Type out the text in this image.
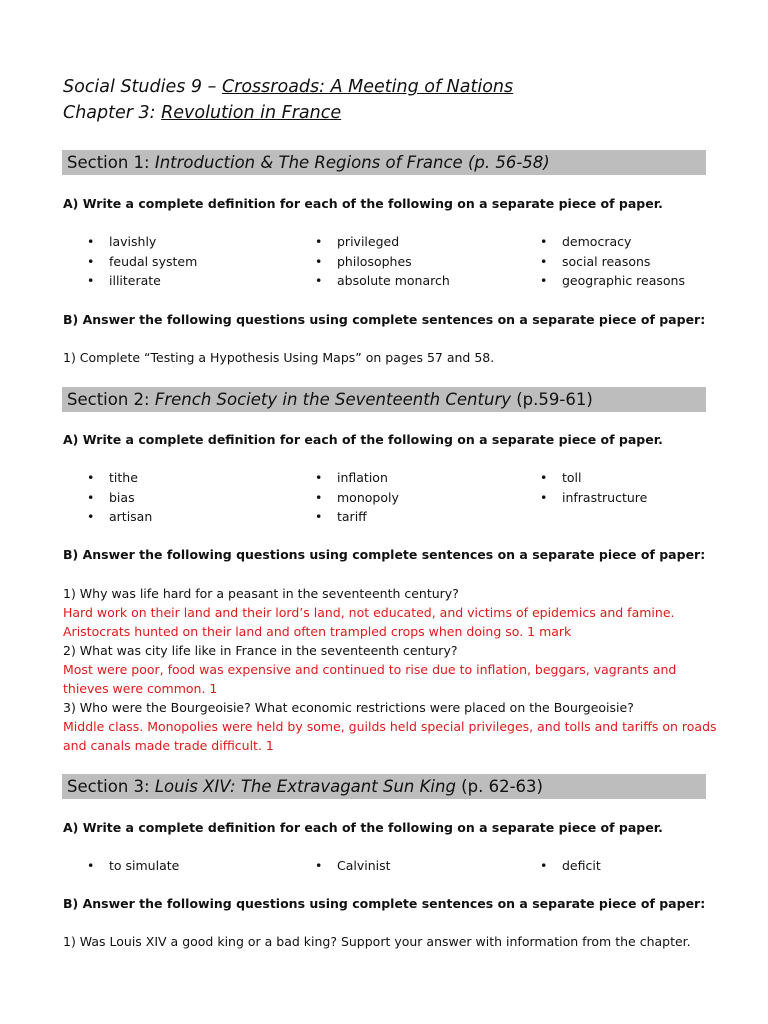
Social Studies 9 – Crossroads: A Meeting of Nations
Chapter 3: Revolution in France
Section 1: Introduction & The Regions of France (p. 56-58)
A) Write a complete definition for each of the following on a separate piece of paper.
• lavishly
• feudal system
• illiterate
• privileged
• philosophes
• absolute monarch
• democracy
• social reasons
• geographic reasons
B) Answer the following questions using complete sentences on a separate piece of paper:
1) Complete “Testing a Hypothesis Using Maps” on pages 57 and 58.
Section 2: French Society in the Seventeenth Century (p.59-61)
A) Write a complete definition for each of the following on a separate piece of paper.
• tithe
• bias
• artisan
• inflation
• monopoly
• tariff
• toll
• infrastructure
B) Answer the following questions using complete sentences on a separate piece of paper:
1) Why was life hard for a peasant in the seventeenth century?
Hard work on their land and their lord’s land, not educated, and victims of epidemics and famine.
Aristocrats hunted on their land and often trampled crops when doing so. 1 mark
2) What was city life like in France in the seventeenth century?
Most were poor, food was expensive and continued to rise due to inflation, beggars, vagrants and
thieves were common. 1
3) Who were the Bourgeoisie? What economic restrictions were placed on the Bourgeoisie?
Middle class. Monopolies were held by some, guilds held special privileges, and tolls and tariffs on roads
and canals made trade difficult. 1
Section 3: Louis XIV: The Extravagant Sun King (p. 62-63)
A) Write a complete definition for each of the following on a separate piece of paper.
• to simulate	• Calvinist	• deficit
B) Answer the following questions using complete sentences on a separate piece of paper:
1) Was Louis XIV a good king or a bad king? Support your answer with information from the chapter.
